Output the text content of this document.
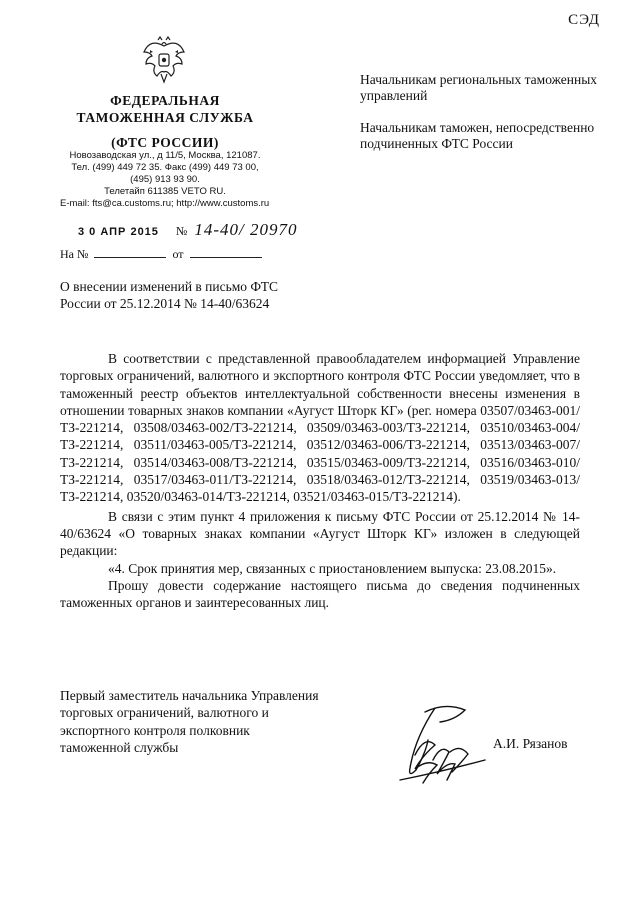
СЭД
ФЕДЕРАЛЬНАЯ
ТАМОЖЕННАЯ СЛУЖБА
(ФТС РОССИИ)
Новозаводская ул., д 11/5, Москва, 121087.
Тел. (499) 449 72 35. Факс (499) 449 73 00,
(495) 913 93 90.
Телетайп 611385 VETO RU.
E-mail: fts@ca.customs.ru; http://www.customs.ru
3 0 АПР 2015 № 14-40/ 20970
На №	от

Начальникам региональных таможенных управлений

Начальникам таможен, непосредственно подчиненных ФТС России

О внесении изменений в письмо ФТС России от 25.12.2014 № 14-40/63624

В соответствии с представленной правообладателем информацией Управление торговых ограничений, валютного и экспортного контроля ФТС России уведомляет, что в таможенный реестр объектов интеллектуальной собственности внесены изменения в отношении товарных знаков компании «Аугуст Шторк КГ» (рег. номера 03507/03463-001/ТЗ-221214, 03508/03463-002/ТЗ-221214, 03509/03463-003/ТЗ-221214, 03510/03463-004/ТЗ-221214, 03511/03463-005/ТЗ-221214, 03512/03463-006/ТЗ-221214, 03513/03463-007/ТЗ-221214, 03514/03463-008/ТЗ-221214, 03515/03463-009/ТЗ-221214, 03516/03463-010/ТЗ-221214, 03517/03463-011/ТЗ-221214, 03518/03463-012/ТЗ-221214, 03519/03463-013/ТЗ-221214, 03520/03463-014/ТЗ-221214, 03521/03463-015/ТЗ-221214).

В связи с этим пункт 4 приложения к письму ФТС России от 25.12.2014 № 14-40/63624 «О товарных знаках компании «Аугуст Шторк КГ» изложен в следующей редакции:

«4. Срок принятия мер, связанных с приостановлением выпуска: 23.08.2015».

Прошу довести содержание настоящего письма до сведения подчиненных таможенных органов и заинтересованных лиц.

Первый заместитель начальника Управления торговых ограничений, валютного и экспортного контроля полковник таможенной службы	А.И. Рязанов
